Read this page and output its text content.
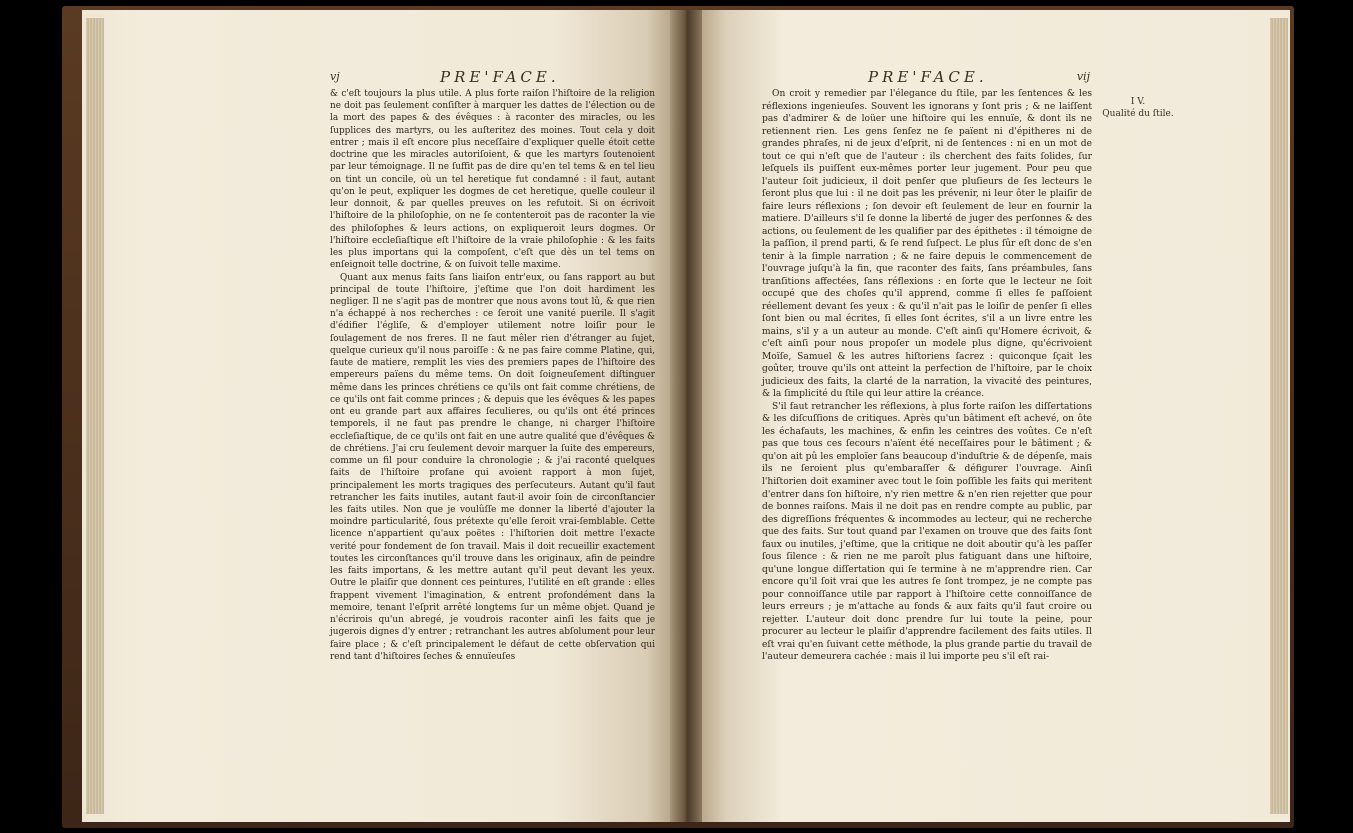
vj	PRE'FACE.	PRE'FACE.	vij

& c'eſt toujours la plus utile. A plus forte raiſon l'hiſtoire de la religion ne doit pas ſeulement conſiſter à marquer les dattes de l'élection ou de la mort des papes & des évêques : à raconter des miracles, ou les ſupplices des martyrs, ou les auſteritez des moines. Tout cela y doit entrer ; mais il eſt encore plus neceſſaire d'expliquer quelle étoit cette doctrine que les miracles autoriſoient, & que les martyrs ſoutenoient par leur témoignage. Il ne ſuffit pas de dire qu'en tel tems & en tel lieu on tint un concile, où un tel heretique fut condamné : il faut, autant qu'on le peut, expliquer les dogmes de cet heretique, quelle couleur il leur donnoit, & par quelles preuves on les refutoit. Si on écrivoit l'hiſtoire de la philoſophie, on ne ſe contenteroit pas de raconter la vie des philoſophes & leurs actions, on expliqueroit leurs dogmes. Or l'hiſtoire eccleſiaſtique eſt l'hiſtoire de la vraie philoſophie : & les faits les plus importans qui la compoſent, c'eſt que dès un tel tems on enſeignoit telle doctrine, & on ſuivoit telle maxime.

Quant aux menus faits ſans liaiſon entr'eux, ou ſans rapport au but principal de toute l'hiſtoire, j'eſtime que l'on doit hardiment les negliger. Il ne s'agit pas de montrer que nous avons tout lû, & que rien n'a échappé à nos recherches : ce ſeroit une vanité puerile. Il s'agit d'édifier l'égliſe, & d'employer utilement notre loiſir pour le ſoulagement de nos freres. Il ne faut mêler rien d'étranger au ſujet, quelque curieux qu'il nous paroiſſe : & ne pas faire comme Platine, qui, faute de matiere, remplit les vies des premiers papes de l'hiſtoire des empereurs païens du même tems. On doit ſoigneuſement diſtinguer même dans les princes chrétiens ce qu'ils ont fait comme chrétiens, de ce qu'ils ont fait comme princes ; & depuis que les évêques & les papes ont eu grande part aux affaires ſeculieres, ou qu'ils ont été princes temporels, il ne faut pas prendre le change, ni charger l'hiſtoire eccleſiaſtique, de ce qu'ils ont fait en une autre qualité que d'évêques & de chrétiens. J'ai cru ſeulement devoir marquer la ſuite des empereurs, comme un fil pour conduire la chronologie ; & j'ai raconté quelques faits de l'hiſtoire profane qui avoient rapport à mon ſujet, principalement les morts tragiques des perſecuteurs. Autant qu'il faut retrancher les faits inutiles, autant faut-il avoir ſoin de circonſtancier les faits utiles. Non que je voulûſſe me donner la liberté d'ajouter la moindre particularité, ſous prétexte qu'elle ſeroit vrai-ſemblable. Cette licence n'appartient qu'aux poëtes : l'hiſtorien doit mettre l'exacte verité pour fondement de ſon travail. Mais il doit recueillir exactement toutes les circonſtances qu'il trouve dans les originaux, afin de peindre les faits importans, & les mettre autant qu'il peut devant les yeux. Outre le plaiſir que donnent ces peintures, l'utilité en eſt grande : elles frappent vivement l'imagination, & entrent profondément dans la memoire, tenant l'eſprit arrêté longtems ſur un même objet. Quand je n'écrirois qu'un abregé, je voudrois raconter ainſi les faits que je jugerois dignes d'y entrer ; retranchant les autres abſolument pour leur faire place ; & c'eſt principalement le défaut de cette obſervation qui rend tant d'hiſtoires ſeches & ennuïeuſes

On croit y remedier par l'élegance du ſtile, par les ſentences & les réflexions ingenieuſes. Souvent les ignorans y ſont pris ; & ne laiſſent pas d'admirer & de loüer une hiſtoire qui les ennuïe, & dont ils ne retiennent rien. Les gens ſenſez ne ſe païent ni d'épitheres ni de grandes phraſes, ni de jeux d'eſprit, ni de ſentences : ni en un mot de tout ce qui n'eſt que de l'auteur : ils cherchent des faits ſolides, ſur leſquels ils puiſſent eux-mêmes porter leur jugement. Pour peu que l'auteur ſoit judicieux, il doit penſer que pluſieurs de ſes lecteurs le ſeront plus que lui : il ne doit pas les prévenir, ni leur ôter le plaiſir de faire leurs réflexions ; ſon devoir eſt ſeulement de leur en fournir la matiere. D'ailleurs s'il ſe donne la liberté de juger des perſonnes & des actions, ou ſeulement de les qualifier par des épithetes : il témoigne de la paſſion, il prend parti, & ſe rend ſuſpect. Le plus ſûr eſt donc de s'en tenir à la ſimple narration ; & ne faire depuis le commencement de l'ouvrage juſqu'à la fin, que raconter des faits, ſans préambules, ſans tranſitions affectées, ſans réflexions : en ſorte que le lecteur ne ſoit occupé que des choſes qu'il apprend, comme ſi elles ſe paſſoient réellement devant ſes yeux : & qu'il n'ait pas le loiſir de penſer ſi elles ſont bien ou mal écrites, ſi elles ſont écrites, s'il a un livre entre les mains, s'il y a un auteur au monde. C'eſt ainſi qu'Homere écrivoit, & c'eſt ainſi pour nous propoſer un modele plus digne, qu'écrivoient Moïſe, Samuel & les autres hiſtoriens ſacrez : quiconque ſçait les goûter, trouve qu'ils ont atteint la perfection de l'hiſtoire, par le choix judicieux des faits, la clarté de la narration, la vivacité des peintures, & la ſimplicité du ſtile qui leur attire la créance.

S'il faut retrancher les réflexions, à plus forte raiſon les diſſertations & les diſcuſſions de critiques. Après qu'un bâtiment eſt achevé, on ôte les échafauts, les machines, & enfin les ceintres des voûtes. Ce n'eſt pas que tous ces ſecours n'aïent été neceſſaires pour le bâtiment ; & qu'on ait pû les emploïer ſans beaucoup d'induſtrie & de dépenſe, mais ils ne ſeroient plus qu'embaraſſer & défigurer l'ouvrage. Ainſi l'hiſtorien doit examiner avec tout le ſoin poſſible les faits qui meritent d'entrer dans ſon hiſtoire, n'y rien mettre & n'en rien rejetter que pour de bonnes raiſons. Mais il ne doit pas en rendre compte au public, par des digreſſions fréquentes & incommodes au lecteur, qui ne recherche que des faits. Sur tout quand par l'examen on trouve que des faits ſont faux ou inutiles, j'eſtime, que la critique ne doit aboutir qu'à les paſſer ſous ſilence : & rien ne me paroît plus fatiguant dans une hiſtoire, qu'une longue diſſertation qui ſe termine à ne m'apprendre rien. Car encore qu'il ſoit vrai que les autres ſe ſont trompez, je ne compte pas pour connoiſſance utile par rapport à l'hiſtoire cette connoiſſance de leurs erreurs ; je m'attache au fonds & aux faits qu'il faut croire ou rejetter. L'auteur doit donc prendre ſur lui toute la peine, pour procurer au lecteur le plaiſir d'apprendre facilement des faits utiles. Il eſt vrai qu'en ſuivant cette méthode, la plus grande partie du travail de l'auteur demeurera cachée : mais il lui importe peu s'il eſt rai-

I V.
Qualité du ſtile.
